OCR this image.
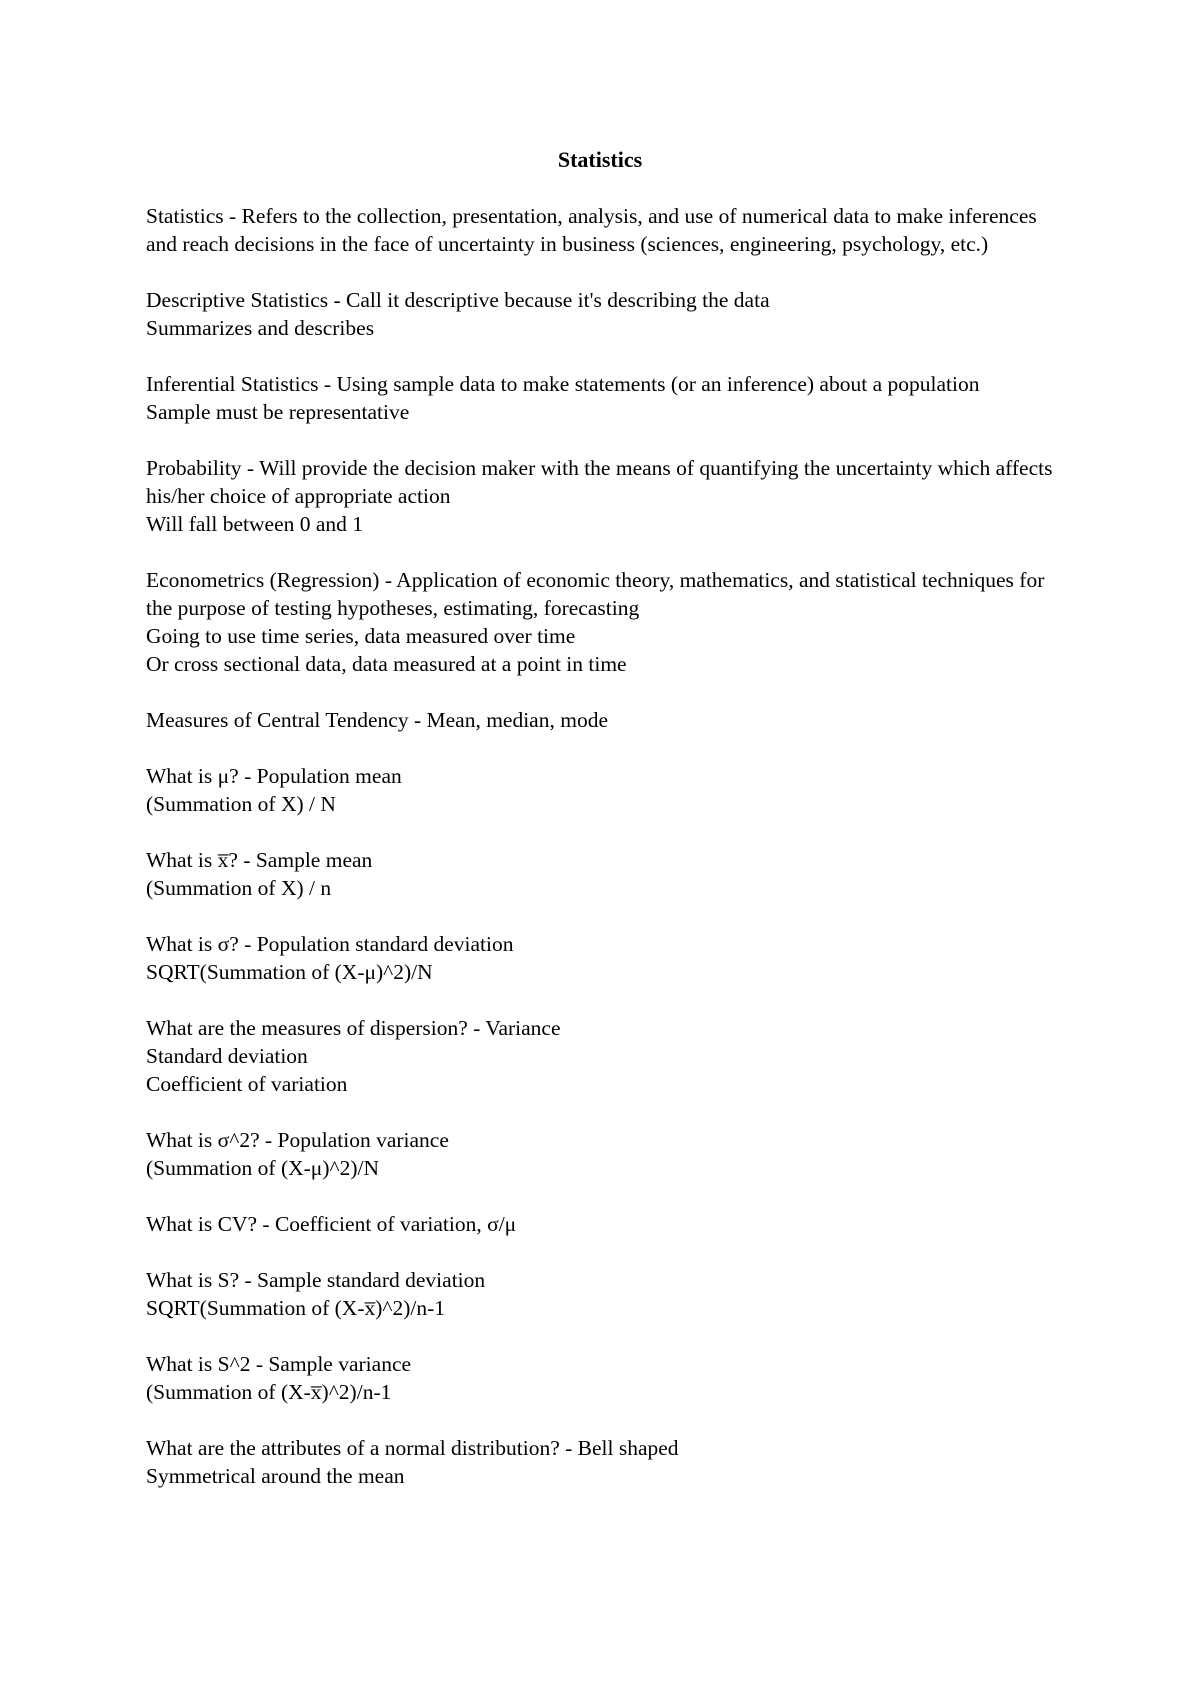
Statistics
Statistics - Refers to the collection, presentation, analysis, and use of numerical data to make inferences and reach decisions in the face of uncertainty in business (sciences, engineering, psychology, etc.)
Descriptive Statistics - Call it descriptive because it's describing the data
Summarizes and describes
Inferential Statistics - Using sample data to make statements (or an inference) about a population
Sample must be representative
Probability - Will provide the decision maker with the means of quantifying the uncertainty which affects his/her choice of appropriate action
Will fall between 0 and 1
Econometrics (Regression) - Application of economic theory, mathematics, and statistical techniques for the purpose of testing hypotheses, estimating, forecasting
Going to use time series, data measured over time
Or cross sectional data, data measured at a point in time
Measures of Central Tendency - Mean, median, mode
What is μ? - Population mean
(Summation of X) / N
What is x̅? - Sample mean
(Summation of X) / n
What is σ? - Population standard deviation
SQRT(Summation of (X-μ)^2)/N
What are the measures of dispersion? - Variance
Standard deviation
Coefficient of variation
What is σ^2? - Population variance
(Summation of (X-μ)^2)/N
What is CV? - Coefficient of variation, σ/μ
What is S? - Sample standard deviation
SQRT(Summation of (X-x̅)^2)/n-1
What is S^2 - Sample variance
(Summation of (X-x̅)^2)/n-1
What are the attributes of a normal distribution? - Bell shaped
Symmetrical around the mean
